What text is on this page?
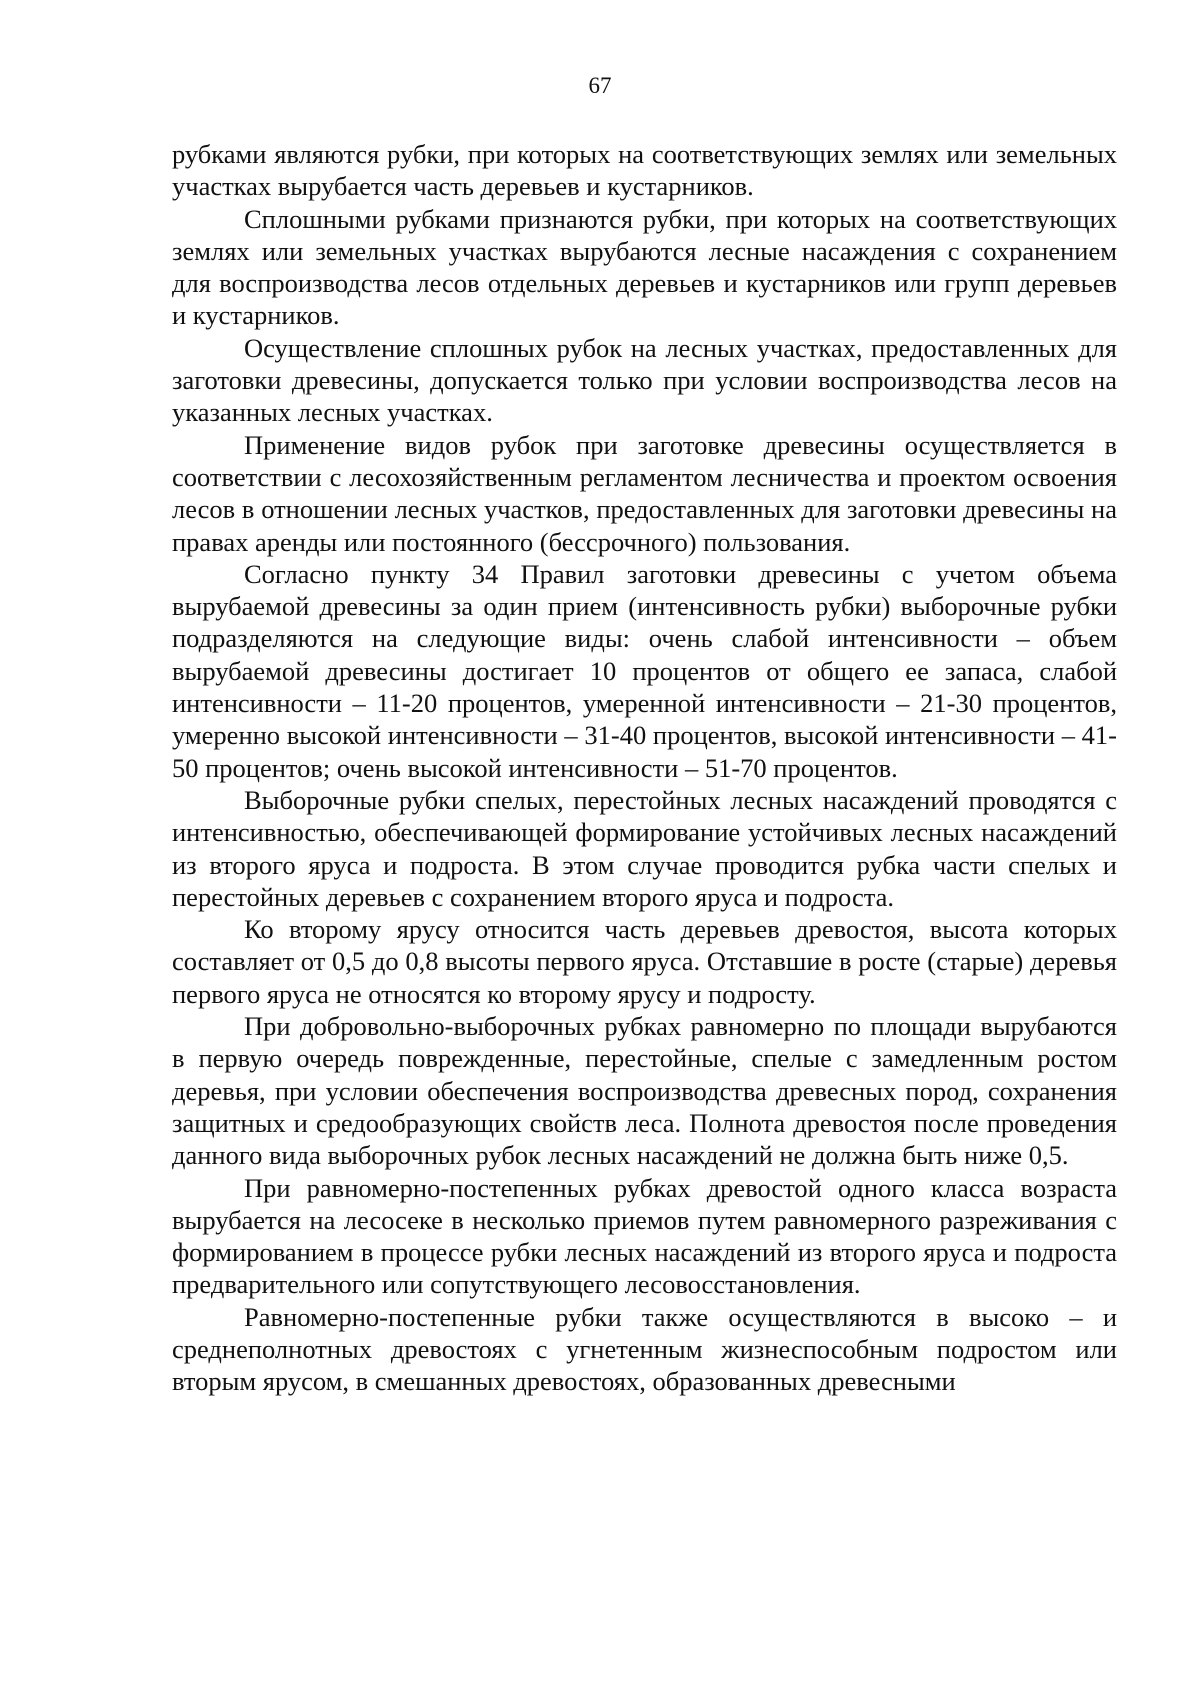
67

рубками являются рубки, при которых на соответствующих землях или земельных участках вырубается часть деревьев и кустарников.

Сплошными рубками признаются рубки, при которых на соответствующих землях или земельных участках вырубаются лесные насаждения с сохранением для воспроизводства лесов отдельных деревьев и кустарников или групп деревьев и кустарников.

Осуществление сплошных рубок на лесных участках, предоставленных для заготовки древесины, допускается только при условии воспроизводства лесов на указанных лесных участках.

Применение видов рубок при заготовке древесины осуществляется в соответствии с лесохозяйственным регламентом лесничества и проектом освоения лесов в отношении лесных участков, предоставленных для заготовки древесины на правах аренды или постоянного (бессрочного) пользования.

Согласно пункту 34 Правил заготовки древесины с учетом объема вырубаемой древесины за один прием (интенсивность рубки) выборочные рубки подразделяются на следующие виды: очень слабой интенсивности – объем вырубаемой древесины достигает 10 процентов от общего ее запаса, слабой интенсивности – 11-20 процентов, умеренной интенсивности – 21-30 процентов, умеренно высокой интенсивности – 31-40 процентов, высокой интенсивности – 41-50 процентов; очень высокой интенсивности – 51-70 процентов.

Выборочные рубки спелых, перестойных лесных насаждений проводятся с интенсивностью, обеспечивающей формирование устойчивых лесных насаждений из второго яруса и подроста. В этом случае проводится рубка части спелых и перестойных деревьев с сохранением второго яруса и подроста.

Ко второму ярусу относится часть деревьев древостоя, высота которых составляет от 0,5 до 0,8 высоты первого яруса. Отставшие в росте (старые) деревья первого яруса не относятся ко второму ярусу и подросту.

При добровольно-выборочных рубках равномерно по площади вырубаются в первую очередь поврежденные, перестойные, спелые с замедленным ростом деревья, при условии обеспечения воспроизводства древесных пород, сохранения защитных и средообразующих свойств леса. Полнота древостоя после проведения данного вида выборочных рубок лесных насаждений не должна быть ниже 0,5.

При равномерно-постепенных рубках древостой одного класса возраста вырубается на лесосеке в несколько приемов путем равномерного разреживания с формированием в процессе рубки лесных насаждений из второго яруса и подроста предварительного или сопутствующего лесовосстановления.

Равномерно-постепенные рубки также осуществляются в высоко – и среднеполнотных древостоях с угнетенным жизнеспособным подростом или вторым ярусом, в смешанных древостоях, образованных древесными
